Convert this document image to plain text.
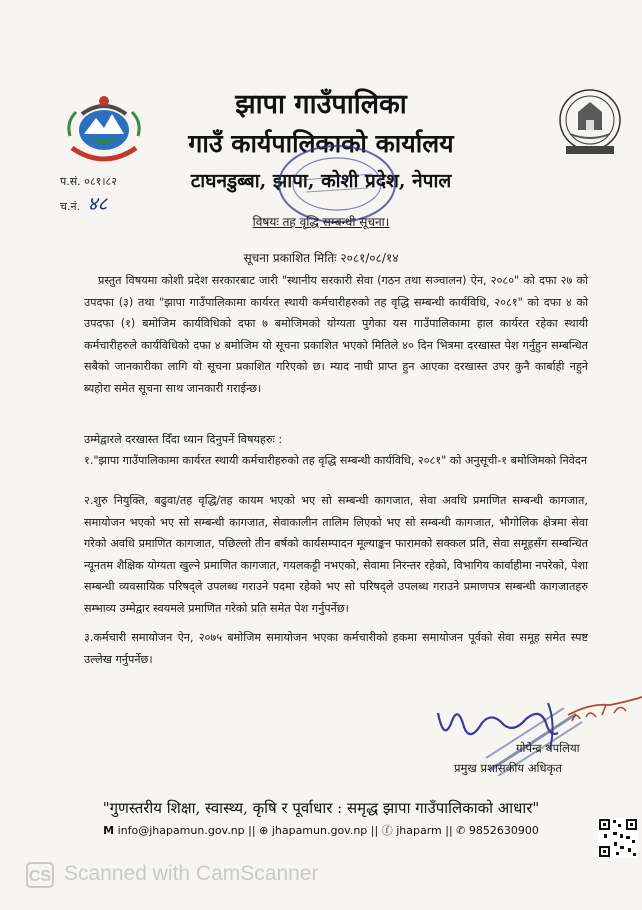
झापा गाउँपालिका
गाउँ कार्यपालिकाको कार्यालय
टाघनडुब्बा, झापा, कोशी प्रदेश, नेपाल
प.सं. ०८१।८२
च.नं. ४८
विषयः तह वृद्धि सम्बन्धी सूचना।
सूचना प्रकाशित मितिः २०८१/०८/१४
प्रस्तुत विषयमा कोशी प्रदेश सरकारबाट जारी "स्थानीय सरकारी सेवा (गठन तथा सञ्चालन) ऐन, २०८०" को दफा २७ को उपदफा (३) तथा "झापा गाउँपालिकामा कार्यरत स्थायी कर्मचारीहरुको तह वृद्धि सम्बन्धी कार्यविधि, २०८१" को दफा ४ को उपदफा (१) बमोजिम कार्यविधिको दफा ७ बमोजिमको योग्यता पुगेका यस गाउँपालिकामा हाल कार्यरत रहेका स्थायी कर्मचारीहरुले कार्यविधिको दफा ४ बमोजिम यो सूचना प्रकाशित भएको मितिले ४० दिन भित्रमा दरखास्त पेश गर्नुहुन सम्बन्धित सबैको जानकारीका लागि यो सूचना प्रकाशित गरिएको छ। म्याद नाघी प्राप्त हुन आएका दरखास्त उपर कुनै कार्बाही नहुने ब्यहोरा समेत सूचना साथ जानकारी गराईन्छ।
उम्मेद्वारले दरखास्त दिँदा ध्यान दिनुपर्ने विषयहरुः :
१."झापा गाउँपालिकामा कार्यरत स्थायी कर्मचारीहरुको तह वृद्धि सम्बन्धी कार्यविधि, २०८१" को अनुसूची-१ बमोजिमको निवेदन
२.शुरु नियुक्ति, बढुवा/तह वृद्धि/तह कायम भएको भए सो सम्बन्धी कागजात, सेवा अवधि प्रमाणित सम्बन्धी कागजात, समायोजन भएको भए सो सम्बन्धी कागजात, सेवाकालीन तालिम लिएको भए सो सम्बन्धी कागजात, भौगोलिक क्षेत्रमा सेवा गरेको अवधि प्रमाणित कागजात, पछिल्लो तीन बर्षको कार्यसम्पादन मूल्याङ्कन फारामको सक्कल प्रति, सेवा समूहसँग सम्बन्धित न्यूनतम शैक्षिक योग्यता खुल्ने प्रमाणित कागजात, गयलकट्टी नभएको, सेवामा निरन्तर रहेको, विभागिय कार्वाहीमा नपरेको, पेशा सम्बन्धी व्यवसायिक परिषद्ले उपलब्ध गराउने पदमा रहेको भए सो परिषद्ले उपलब्ध गराउने प्रमाणपत्र सम्बन्धी कागजातहरु सम्भाव्य उम्मेद्वार स्वयमले प्रमाणित गरेको प्रति समेत पेश गर्नुपर्नेछ।
३.कर्मचारी समायोजन ऐन, २०७५ बमोजिम समायोजन भएका कर्मचारीको हकमा समायोजन पूर्वको सेवा समूह समेत स्पष्ट उल्लेख गर्नुपर्नेछ।
गोपेन्द्र थपलिया
प्रमुख प्रशासकीय अधिकृत
"गुणस्तरीय शिक्षा, स्वास्थ्य, कृषि र पूर्वाधार : समृद्ध झापा गाउँपालिकाको आधार"
M info@jhapamun.gov.np || ⊕ jhapamun.gov.np || ⓕ jhaparm || ✆ 9852630900
CS Scanned with CamScanner
